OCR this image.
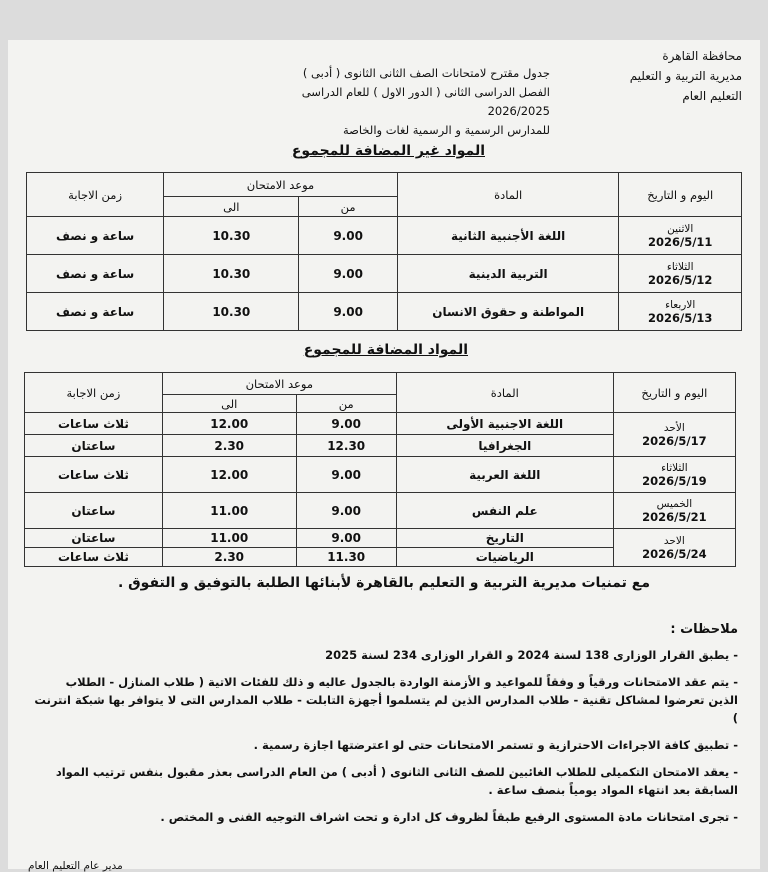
محافظة القاهرة
مديرية التربية و التعليم
التعليم العام
جدول مقترح لامتحانات الصف الثانى الثانوى ( أدبى )
الفصل الدراسى الثانى ( الدور الاول ) للعام الدراسى 2026/2025
للمدارس الرسمية و الرسمية لغات والخاصة
المواد غير المضافة للمجموع
اليوم و التاريخ	المادة	موعد الامتحان		زمن الاجابة
		من	الى	
الاثنين
2026/5/11	اللغة الأجنبية الثانية	9.00	10.30	ساعة و نصف
الثلاثاء
2026/5/12	التربية الدينية	9.00	10.30	ساعة و نصف
الاربعاء
2026/5/13	المواطنة و حقوق الانسان	9.00	10.30	ساعة و نصف
المواد المضافة للمجموع
اليوم و التاريخ	المادة	موعد الامتحان		زمن الاجابة
		من	الى	
الأحد
2026/5/17	اللغة الاجنبية الأولى	9.00	12.00	ثلاث ساعات
	الجغرافيا	12.30	2.30	ساعتان
الثلاثاء
2026/5/19	اللغة العربية	9.00	12.00	ثلاث ساعات
الخميس
2026/5/21	علم النفس	9.00	11.00	ساعتان
الاحد
2026/5/24	التاريخ	9.00	11.00	ساعتان
	الرياضيات	11.30	2.30	ثلاث ساعات
مع تمنيات مديرية التربية و التعليم بالقاهرة لأبنائها الطلبة بالتوفيق و التفوق .
ملاحظات :

- يطبق القرار الوزارى 138 لسنة 2024 و القرار الوزارى 234 لسنة 2025

- يتم عقد الامتحانات ورقياً و وفقاً للمواعيد و الأزمنة الواردة بالجدول عاليه و ذلك للفئات الاتية ( طلاب المنازل - الطلاب الذين تعرضوا لمشاكل تقنية - طلاب المدارس الذين لم يتسلموا أجهزة التابلت - طلاب المدارس التى لا يتوافر بها شبكة انترنت )

- تطبيق كافة الاجراءات الاحترازية و تستمر الامتحانات حتى لو اعترضتها اجازة رسمية .

- يعقد الامتحان التكميلى للطلاب الغائبين للصف الثانى الثانوى ( أدبى ) من العام الدراسى بعذر مقبول بنفس ترتيب المواد السابقة بعد انتهاء المواد يومياً بنصف ساعة .

- تجرى امتحانات مادة المستوى الرفيع طبقاً لظروف كل ادارة و تحت اشراف التوجيه الفنى و المختص .

مدير عام التعليم العام
